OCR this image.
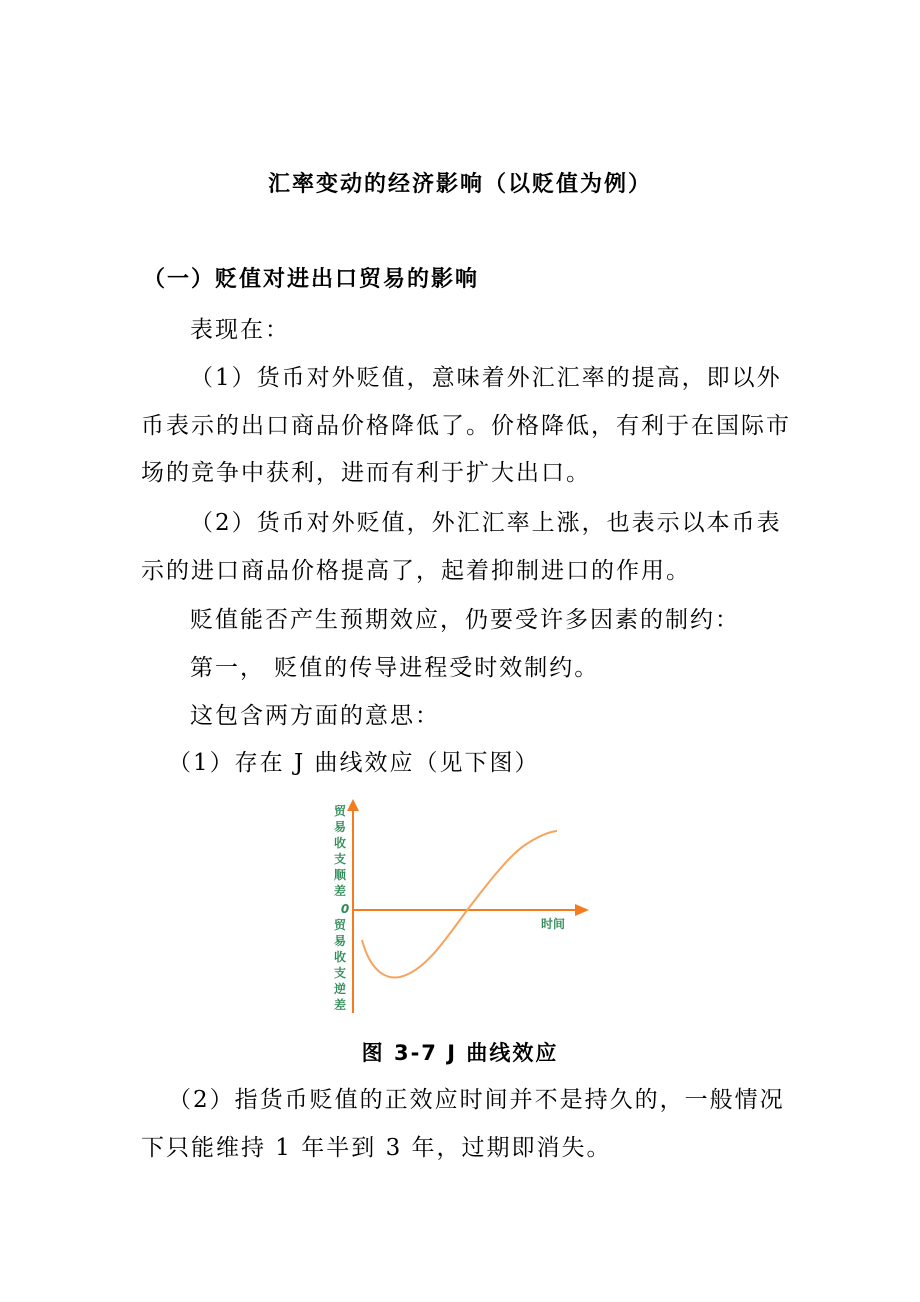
汇率变动的经济影响（以贬值为例）
（一）贬值对进出口贸易的影响
表现在：
（1）货币对外贬值，意味着外汇汇率的提高，即以外
币表示的出口商品价格降低了。价格降低，有利于在国际市
场的竞争中获利，进而有利于扩大出口。
（2）货币对外贬值，外汇汇率上涨，也表示以本币表
示的进口商品价格提高了，起着抑制进口的作用。
贬值能否产生预期效应，仍要受许多因素的制约：
第一， 贬值的传导进程受时效制约。
这包含两方面的意思：
（1）存在 J 曲线效应（见下图）
贸
易
收
支
顺
差
0
贸
易
收
支
逆
差
时间
图 3-7 J 曲线效应
（2）指货币贬值的正效应时间并不是持久的，一般情况
下只能维持 1 年半到 3 年，过期即消失。
